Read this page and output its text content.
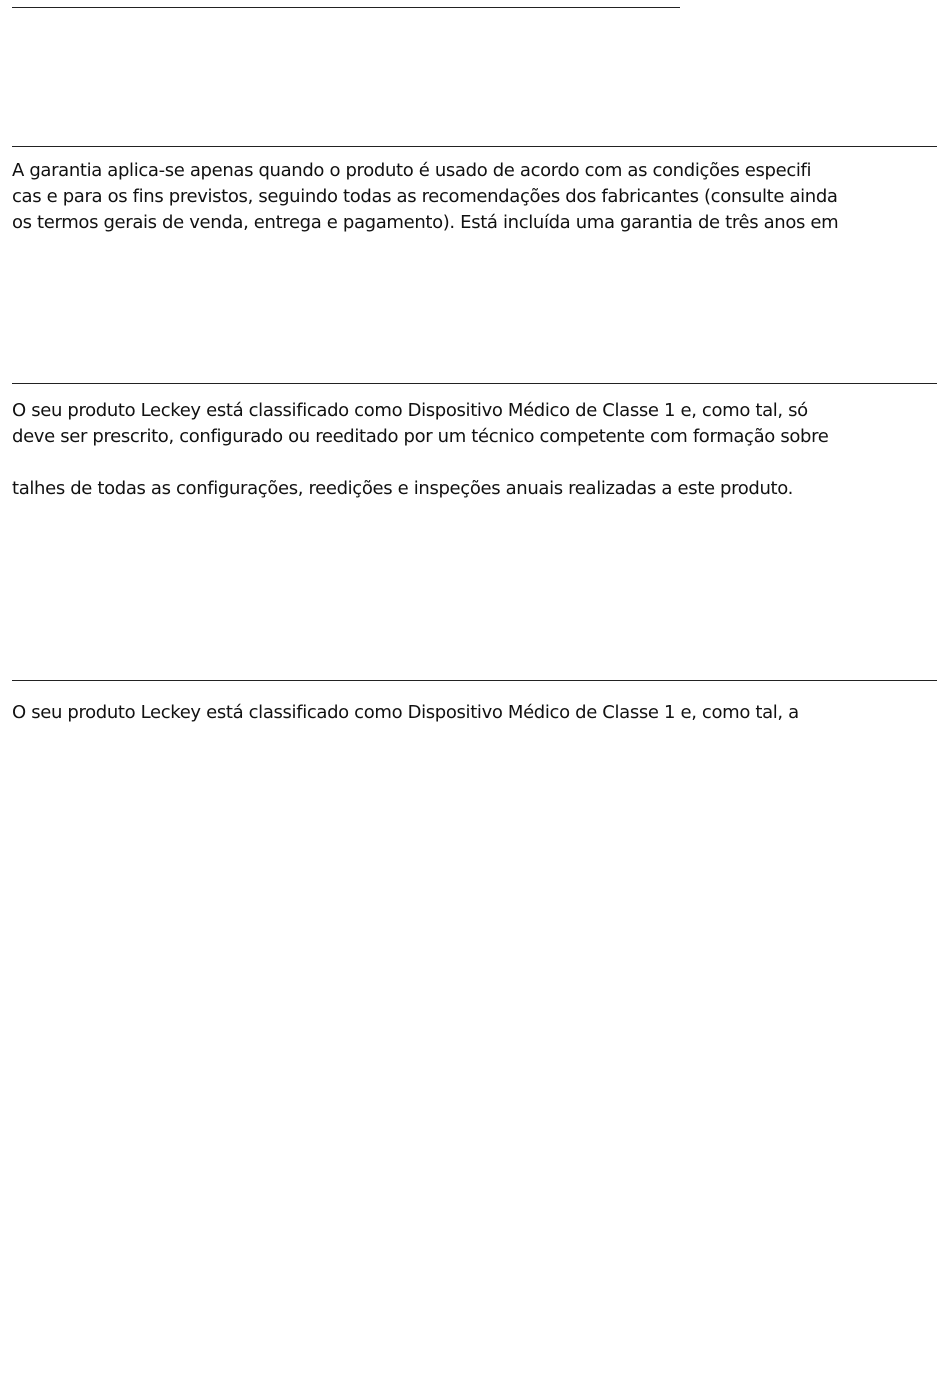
A garantia aplica-se apenas quando o produto é usado de acordo com as condições especifi
cas e para os fins previstos, seguindo todas as recomendações dos fabricantes (consulte ainda
os termos gerais de venda, entrega e pagamento). Está incluída uma garantia de três anos em
O seu produto Leckey está classificado como Dispositivo Médico de Classe 1 e, como tal, só
deve ser prescrito, configurado ou reeditado por um técnico competente com formação sobre
talhes de todas as configurações, reedições e inspeções anuais realizadas a este produto.
O seu produto Leckey está classificado como Dispositivo Médico de Classe 1 e, como tal, a
